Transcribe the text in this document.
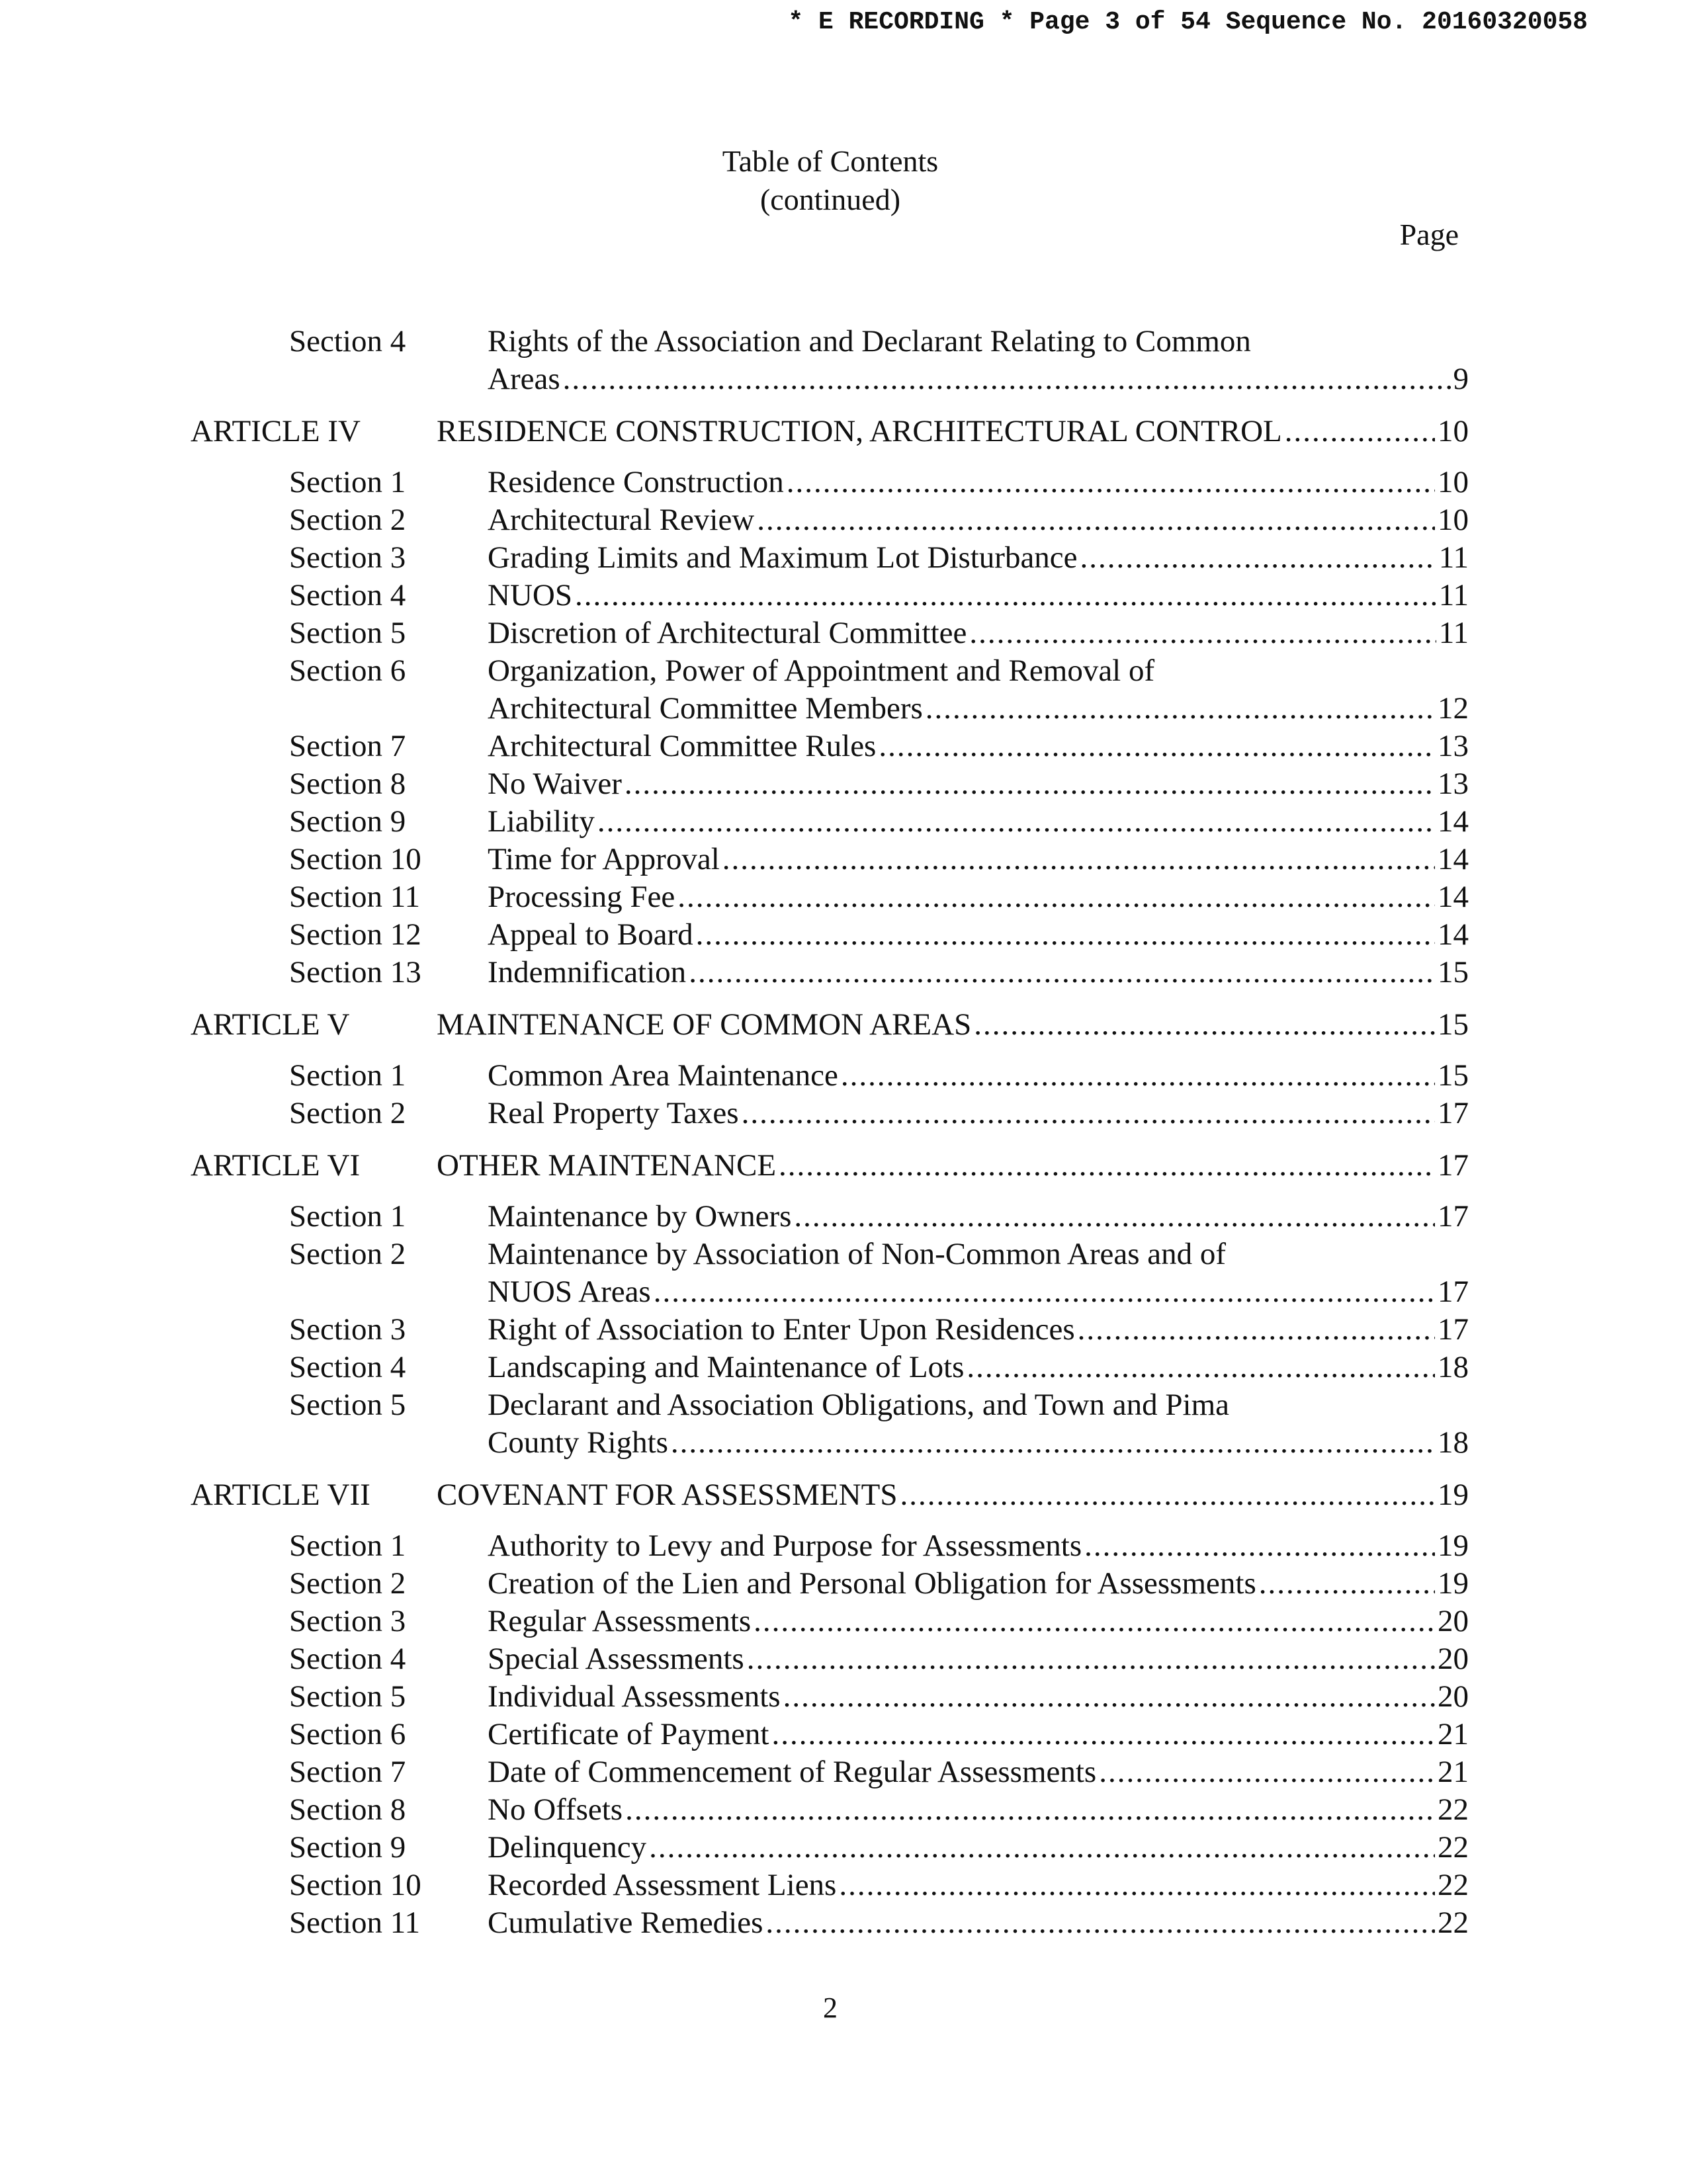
* E RECORDING * Page 3 of 54 Sequence No. 20160320058
Table of Contents
(continued)
Page
Section 4	Rights of the Association and Declarant Relating to Common
Areas .....	9
ARTICLE IV RESIDENCE CONSTRUCTION, ARCHITECTURAL CONTROL .....	10
Section 1	Residence Construction .....	10
Section 2	Architectural Review .....	10
Section 3	Grading Limits and Maximum Lot Disturbance .....	11
Section 4	NUOS .....	11
Section 5	Discretion of Architectural Committee .....	11
Section 6	Organization, Power of Appointment and Removal of
Architectural Committee Members .....	12
Section 7	Architectural Committee Rules .....	13
Section 8	No Waiver .....	13
Section 9	Liability .....	14
Section 10 Time for Approval .....	14
Section 11 Processing Fee .....	14
Section 12 Appeal to Board .....	14
Section 13 Indemnification .....	15
ARTICLE V	MAINTENANCE OF COMMON AREAS .....	15
Section 1	Common Area Maintenance .....	15
Section 2	Real Property Taxes .....	17
ARTICLE VI OTHER MAINTENANCE .....	17
Section 1	Maintenance by Owners .....	17
Section 2	Maintenance by Association of Non-Common Areas and of
NUOS Areas .....	17
Section 3	Right of Association to Enter Upon Residences .....	17
Section 4	Landscaping and Maintenance of Lots .....	18
Section 5	Declarant and Association Obligations, and Town and Pima
County Rights .....	18
ARTICLE VII COVENANT FOR ASSESSMENTS .....	19
Section 1	Authority to Levy and Purpose for Assessments .....	19
Section 2	Creation of the Lien and Personal Obligation for Assessments .....	19
Section 3	Regular Assessments .....	20
Section 4	Special Assessments .....	20
Section 5	Individual Assessments .....	20
Section 6	Certificate of Payment .....	21
Section 7	Date of Commencement of Regular Assessments .....	21
Section 8	No Offsets .....	22
Section 9	Delinquency .....	22
Section 10 Recorded Assessment Liens .....	22
Section 11 Cumulative Remedies .....	22
2
